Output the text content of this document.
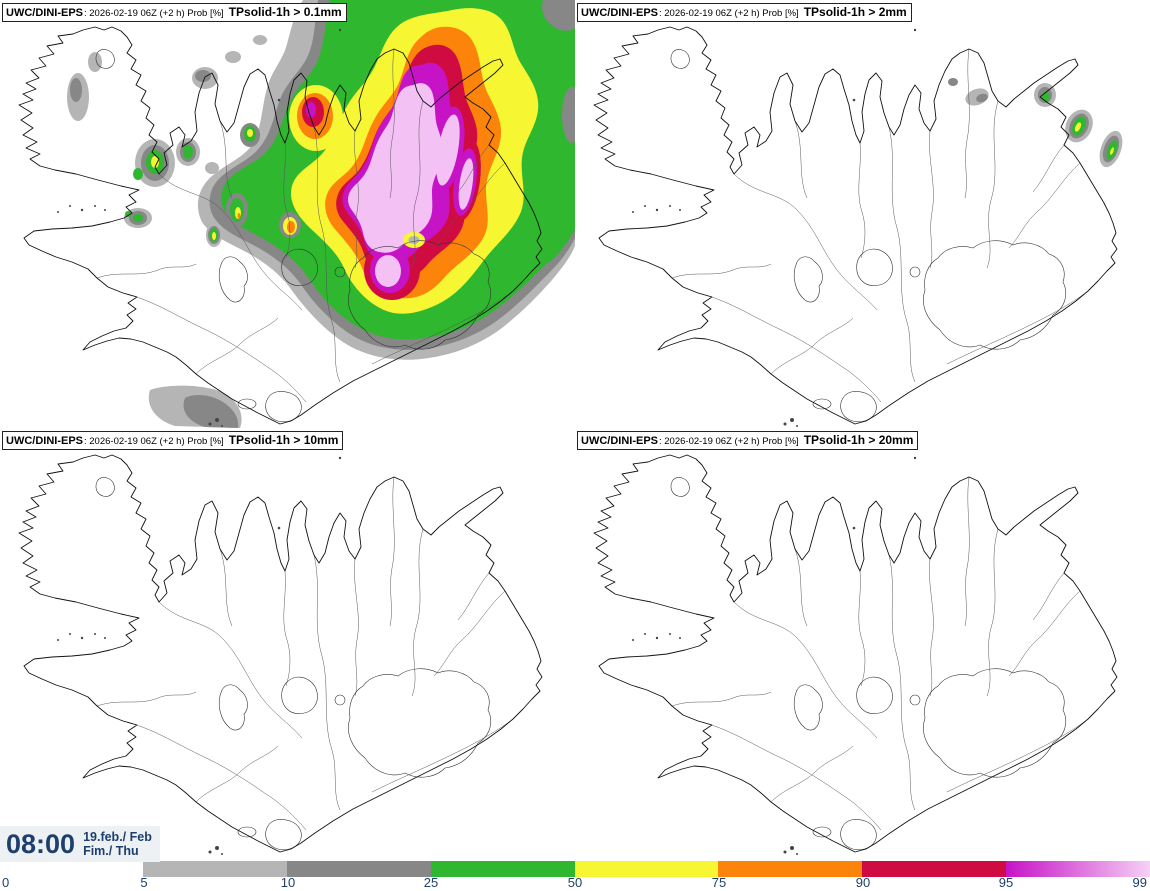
UWC/DINI-EPS : 2026-02-19 06Z (+2 h) Prob [%] TPsolid-1h > 0.1mm	UWC/DINI-EPS : 2026-02-19 06Z (+2 h) Prob [%] TPsolid-1h > 2mm
UWC/DINI-EPS : 2026-02-19 06Z (+2 h) Prob [%] TPsolid-1h > 10mm	UWC/DINI-EPS : 2026-02-19 06Z (+2 h) Prob [%] TPsolid-1h > 20mm
08:00 19.feb./ Feb
Fim./ Thu
0	5	10	25	50	75	90	95	99
